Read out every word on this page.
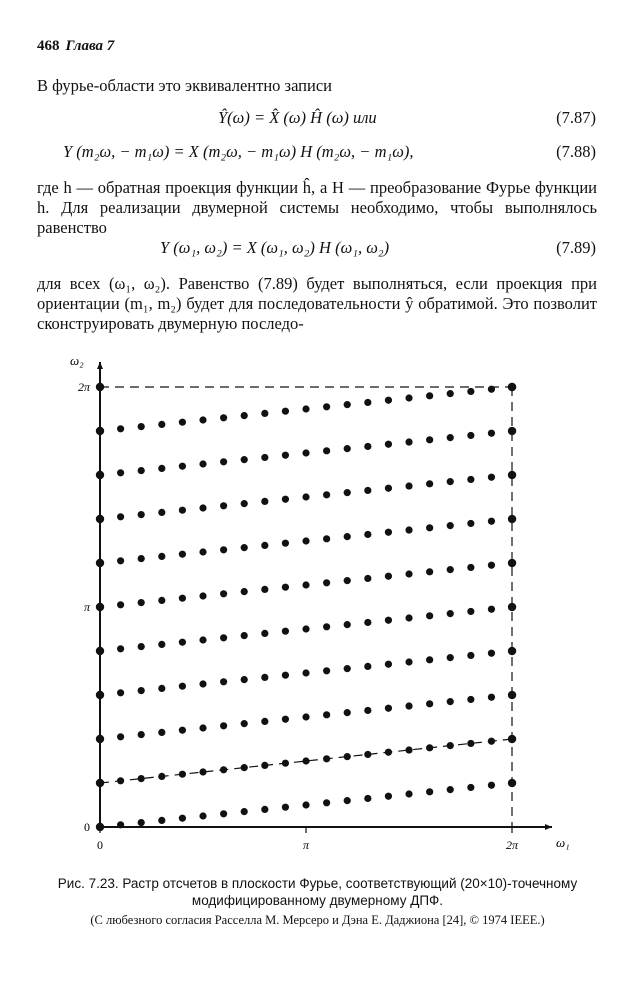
468 Глава 7
В фурье-области это эквивалентно записи
Ŷ(ω) = X̂ (ω) Ĥ (ω) или	(7.87)
Y (m₂ω, − m₁ω) = X (m₂ω, − m₁ω) H (m₂ω, − m₁ω),	(7.88)
где h — обратная проекция функции ĥ, а H — преобразование Фурье функции h. Для реализации двумерной системы необходимо, чтобы выполнялось равенство
Y (ω₁, ω₂) = X (ω₁, ω₂) H (ω₁, ω₂)	(7.89)
для всех (ω₁, ω₂). Равенство (7.89) будет выполняться, если проекция при ориентации (m₁, m₂) будет для последовательности ŷ обратимой. Это позволит сконструировать двумерную последо-
0	π	2π
0
π
2π
ω₁
ω₂
Рис. 7.23. Растр отсчетов в плоскости Фурье, соответствующий (20×10)-точечному модифицированному двумерному ДПФ.
(С любезного согласия Расселла М. Мерсеро и Дэна Е. Даджиона [24], © 1974 IEEE.)
